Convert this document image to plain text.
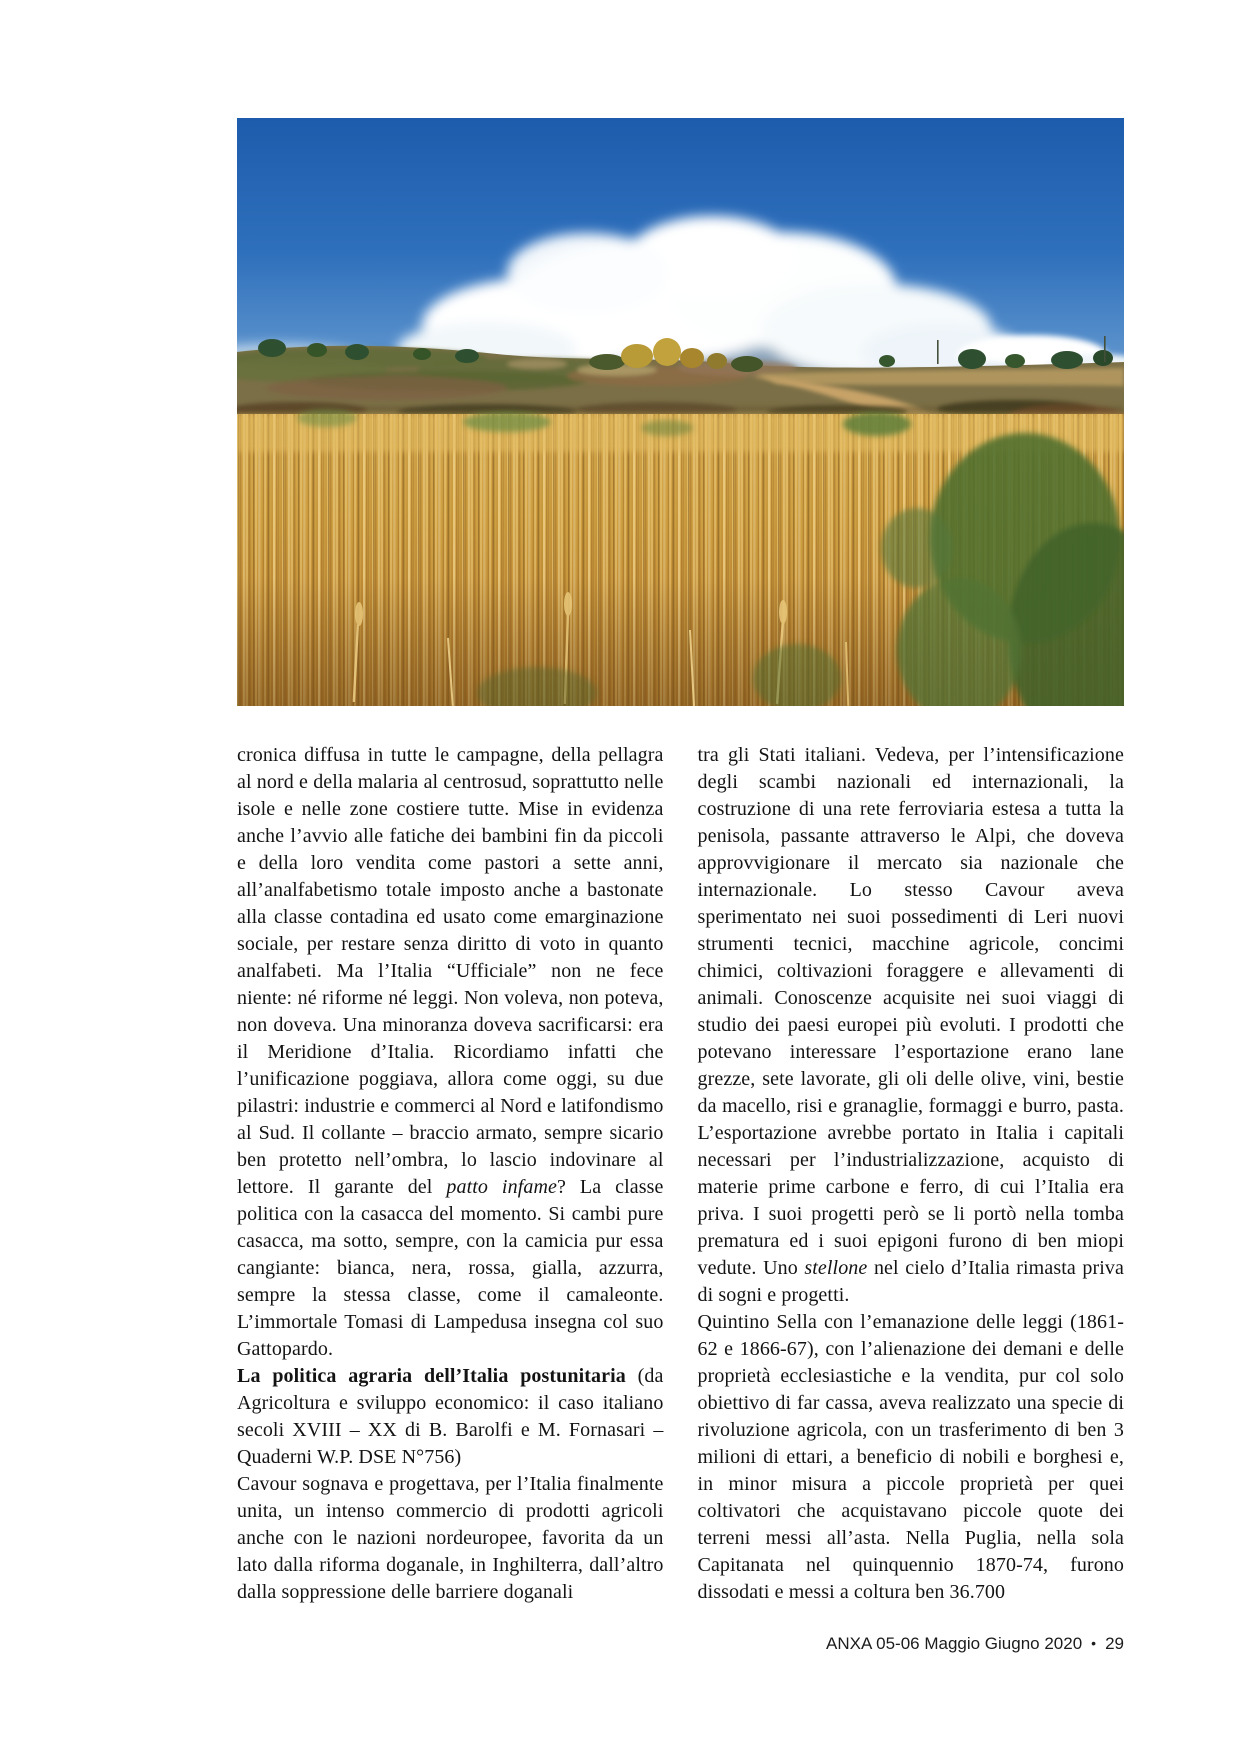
cronica diffusa in tutte le campagne, della pellagra al nord e della malaria al centrosud, soprattutto nelle isole e nelle zone costiere tutte. Mise in evidenza anche l’avvio alle fatiche dei bambini fin da piccoli e della loro vendita come pastori a sette anni, all’analfabetismo totale imposto anche a bastonate alla classe contadina ed usato come emarginazione sociale, per restare senza diritto di voto in quanto analfabeti. Ma l’Italia “Ufficiale” non ne fece niente: né riforme né leggi. Non voleva, non poteva, non doveva. Una minoranza doveva sacrificarsi: era il Meridione d’Italia. Ricordiamo infatti che l’unificazione poggiava, allora come oggi, su due pilastri: industrie e commerci al Nord e latifondismo al Sud. Il collante – braccio armato, sempre sicario ben protetto nell’ombra, lo lascio indovinare al lettore. Il garante del patto infame? La classe politica con la casacca del momento. Si cambi pure casacca, ma sotto, sempre, con la camicia pur essa cangiante: bianca, nera, rossa, gialla, azzurra, sempre la stessa classe, come il camaleonte. L’immortale Tomasi di Lampedusa insegna col suo Gattopardo.

La politica agraria dell’Italia postunitaria (da Agricoltura e sviluppo economico: il caso italiano secoli XVIII – XX di B. Barolfi e M. Fornasari – Quaderni W.P. DSE N°756)

Cavour sognava e progettava, per l’Italia finalmente unita, un intenso commercio di prodotti agricoli anche con le nazioni nordeuropee, favorita da un lato dalla riforma doganale, in Inghilterra, dall’altro dalla soppressione delle barriere doganali

tra gli Stati italiani. Vedeva, per l’intensificazione degli scambi nazionali ed internazionali, la costruzione di una rete ferroviaria estesa a tutta la penisola, passante attraverso le Alpi, che doveva approvvigionare il mercato sia nazionale che internazionale. Lo stesso Cavour aveva sperimentato nei suoi possedimenti di Leri nuovi strumenti tecnici, macchine agricole, concimi chimici, coltivazioni foraggere e allevamenti di animali. Conoscenze acquisite nei suoi viaggi di studio dei paesi europei più evoluti. I prodotti che potevano interessare l’esportazione erano lane grezze, sete lavorate, gli oli delle olive, vini, bestie da macello, risi e granaglie, formaggi e burro, pasta. L’esportazione avrebbe portato in Italia i capitali necessari per l’industrializzazione, acquisto di materie prime carbone e ferro, di cui l’Italia era priva. I suoi progetti però se li portò nella tomba prematura ed i suoi epigoni furono di ben miopi vedute. Uno stellone nel cielo d’Italia rimasta priva di sogni e progetti.

Quintino Sella con l’emanazione delle leggi (1861-62 e 1866-67), con l’alienazione dei demani e delle proprietà ecclesiastiche e la vendita, pur col solo obiettivo di far cassa, aveva realizzato una specie di rivoluzione agricola, con un trasferimento di ben 3 milioni di ettari, a beneficio di nobili e borghesi e, in minor misura a piccole proprietà per quei coltivatori che acquistavano piccole quote dei terreni messi all’asta. Nella Puglia, nella sola Capitanata nel quinquennio 1870-74, furono dissodati e messi a coltura ben 36.700

ANXA 05-06 Maggio Giugno 2020 • 29
